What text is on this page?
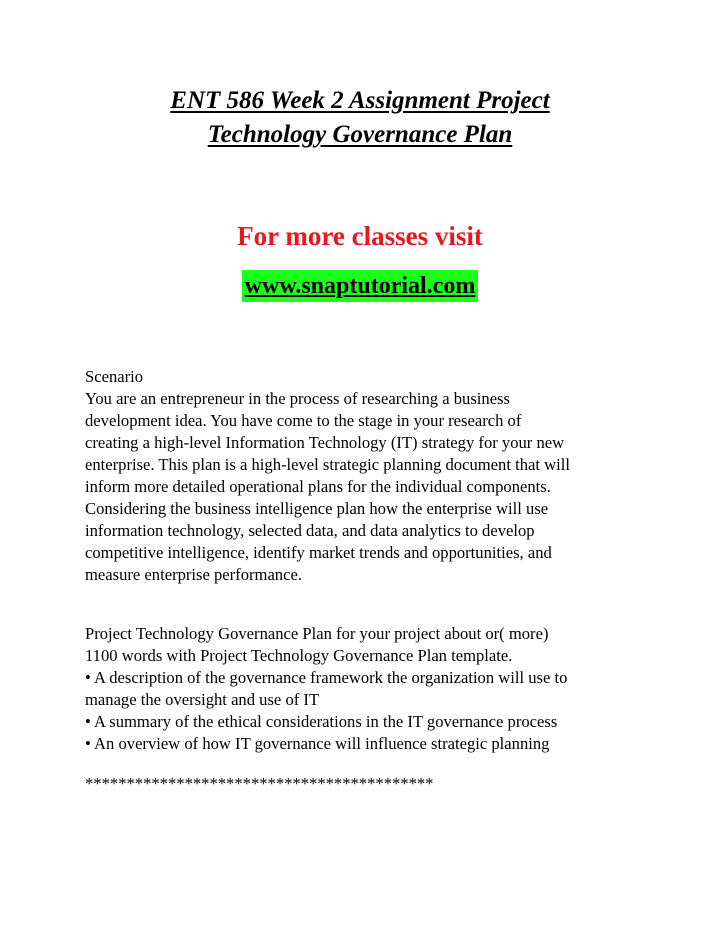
ENT 586 Week 2 Assignment Project
Technology Governance Plan
For more classes visit
www.snaptutorial.com
Scenario
You are an entrepreneur in the process of researching a business
development idea. You have come to the stage in your research of
creating a high-level Information Technology (IT) strategy for your new
enterprise. This plan is a high-level strategic planning document that will
inform more detailed operational plans for the individual components.
Considering the business intelligence plan how the enterprise will use
information technology, selected data, and data analytics to develop
competitive intelligence, identify market trends and opportunities, and
measure enterprise performance.
Project Technology Governance Plan for your project about or( more)
1100 words with Project Technology Governance Plan template.
• A description of the governance framework the organization will use to
manage the oversight and use of IT
• A summary of the ethical considerations in the IT governance process
• An overview of how IT governance will influence strategic planning
******************************************
